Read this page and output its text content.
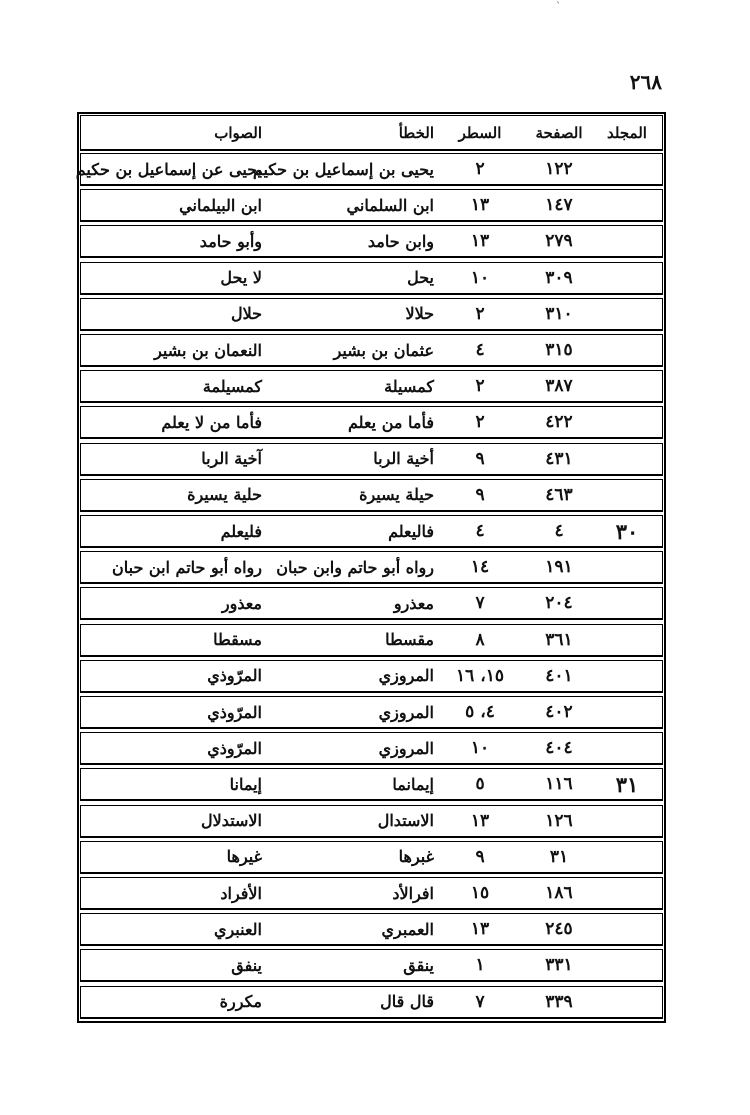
ˋ
٢٦٨
المجلد
الصفحة
السطر
الخطأ
الصواب
١٢٢
٢
يحيى بن إسماعيل بن حكيم
يحيى عن إسماعيل بن حكيم
١٤٧
١٣
ابن السلماني
ابن البيلماني
٢٧٩
١٣
وابن حامد
وأبو حامد
٣٠٩
١٠
يحل
لا يحل
٣١٠
٢
حلالا
حلال
٣١٥
٤
عثمان بن بشير
النعمان بن بشير
٣٨٧
٢
كمسيلة
كمسيلمة
٤٢٢
٢
فأما من يعلم
فأما من لا يعلم
٤٣١
٩
أخية الربا
آخية الربا
٤٦٣
٩
حيلة يسيرة
حلية يسيرة
٣٠
٤
٤
فاليعلم
فليعلم
١٩١
١٤
رواه أبو حاتم وابن حبان
رواه أبو حاتم ابن حبان
٢٠٤
٧
معذرو
معذور
٣٦١
٨
مقسطا
مسقطا
٤٠١
١٥، ١٦
المروزي
المرّوذي
٤٠٢
٤، ٥
المروزي
المرّوذي
٤٠٤
١٠
المروزي
المرّوذي
٣١
١١٦
٥
إيمانما
إيمانا
١٢٦
١٣
الاستدال
الاستدلال
٣١
٩
غبرها
غيرها
١٨٦
١٥
افرالأد
الأفراد
٢٤٥
١٣
العمبري
العنبري
٣٣١
١
ينقق
ينفق
٣٣٩
٧
قال قال
مكررة
